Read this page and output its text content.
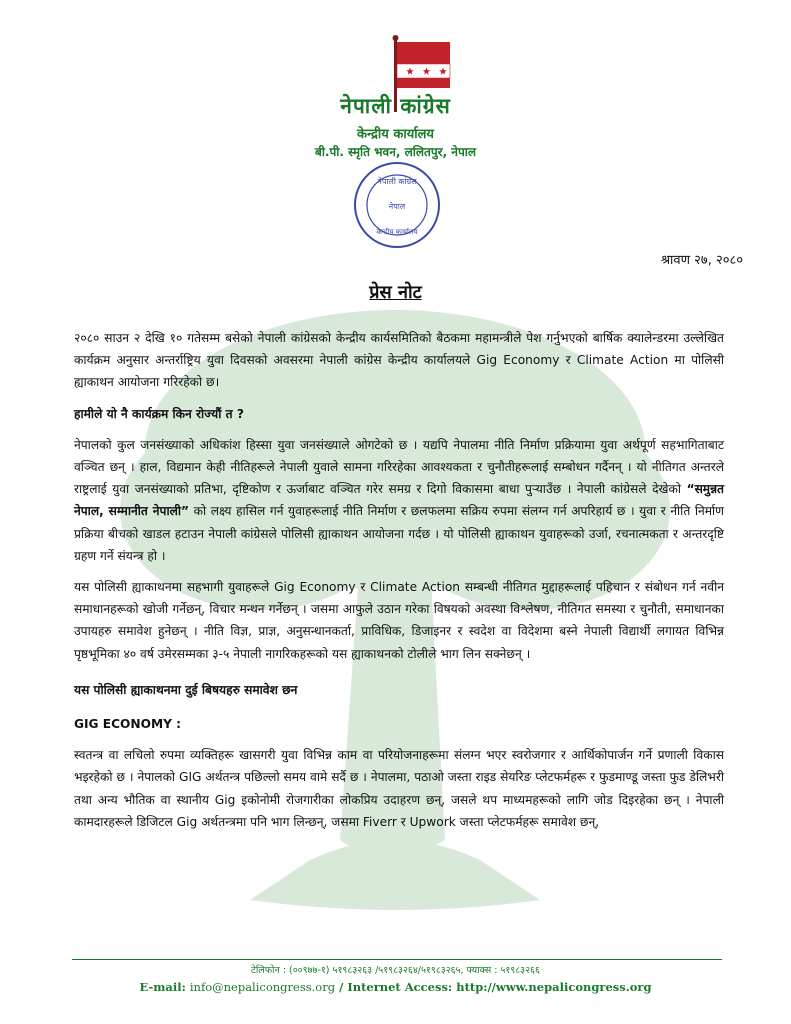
नेपाली कांग्रेस
केन्द्रीय कार्यालय
बी.पी. स्मृति भवन, ललितपुर, नेपाल
नेपाली कांग्रेस
नेपाल
केन्द्रीय कार्यालय
श्रावण २७, २०८०
प्रेस नोट

२०८० साउन २ देखि १० गतेसम्म बसेको नेपाली कांग्रेसको केन्द्रीय कार्यसमितिको बैठकमा महामन्त्रीले पेश गर्नुभएको बार्षिक क्यालेन्डरमा उल्लेखित कार्यक्रम अनुसार अन्तर्राष्ट्रिय युवा दिवसको अवसरमा नेपाली कांग्रेस केन्द्रीय कार्यालयले Gig Economy र Climate Action मा पोलिसी ह्याकाथन आयोजना गरिरहेको छ।

हामीले यो नै कार्यक्रम किन रोज्यौं त ?

नेपालको कुल जनसंख्याको अधिकांश हिस्सा युवा जनसंख्याले ओगटेको छ । यद्यपि नेपालमा नीति निर्माण प्रक्रियामा युवा अर्थपूर्ण सहभागिताबाट वञ्चित छन् । हाल, विद्यमान केही नीतिहरूले नेपाली युवाले सामना गरिरहेका आवश्यकता र चुनौतीहरूलाई सम्बोधन गर्दैनन् । यो नीतिगत अन्तरले राष्ट्रलाई युवा जनसंख्याको प्रतिभा, दृष्टिकोण र ऊर्जाबाट वञ्चित गरेर समग्र र दिगो विकासमा बाधा पुर्‍याउँछ । नेपाली कांग्रेसले देखेको “समुन्नत नेपाल, सम्मानीत नेपाली” को लक्ष्य हासिल गर्न युवाहरूलाई नीति निर्माण र छलफलमा सक्रिय रुपमा संलग्न गर्न अपरिहार्य छ । युवा र नीति निर्माण प्रक्रिया बीचको खाडल हटाउन नेपाली कांग्रेसले पोलिसी ह्याकाथन आयोजना गर्दछ । यो पोलिसी ह्याकाथन युवाहरूको उर्जा, रचनात्मकता र अन्तरदृष्टि ग्रहण गर्ने संयन्त्र हो ।

यस पोलिसी ह्याकाथनमा सहभागी युवाहरूले Gig Economy र Climate Action सम्बन्धी नीतिगत मुद्दाहरूलाई पहिचान र संबोधन गर्न नवीन समाधानहरूको खोजी गर्नेछन्, विचार मन्थन गर्नेछन् । जसमा आफुले उठान गरेका विषयको अवस्था विश्लेषण, नीतिगत समस्या र चुनौती, समाधानका उपायहरु समावेश हुनेछन् । नीति विज्ञ, प्राज्ञ, अनुसन्धानकर्ता, प्राविधिक, डिजाइनर र स्वदेश वा विदेशमा बस्ने नेपाली विद्यार्थी लगायत विभिन्न पृष्ठभूमिका ४० वर्ष उमेरसम्मका ३-५ नेपाली नागरिकहरूको यस ह्याकाथनको टोलीले भाग लिन सक्नेछन् ।

यस पोलिसी ह्याकाथनमा दुई बिषयहरु समावेश छन

GIG ECONOMY :

स्वतन्त्र वा लचिलो रुपमा व्यक्तिहरू खासगरी युवा विभिन्न काम वा परियोजनाहरूमा संलग्न भएर स्वरोजगार र आर्थिकोपार्जन गर्ने प्रणाली विकास भइरहेको छ । नेपालको GIG अर्थतन्त्र पछिल्लो समय वामे सर्दै छ । नेपालमा, पठाओ जस्ता राइड सेयरिङ प्लेटफर्महरू र फुडमाण्डू जस्ता फुड डेलिभरी तथा अन्य भौतिक वा स्थानीय Gig इकोनोमी रोजगारीका लोकप्रिय उदाहरण छन्, जसले थप माध्यमहरूको लागि जोड दिइरहेका छन् । नेपाली कामदारहरूले डिजिटल Gig अर्थतन्त्रमा पनि भाग लिन्छन्, जसमा Fiverr र Upwork जस्ता प्लेटफर्महरू समावेश छन्,

टेलिफोन : (००९७७-१) ५१९८३२६३ /५१९८३२६४/५१९८३२६५, फ्याक्स : ५१९८३२६६
E-mail: info@nepalicongress.org / Internet Access: http://www.nepalicongress.org
